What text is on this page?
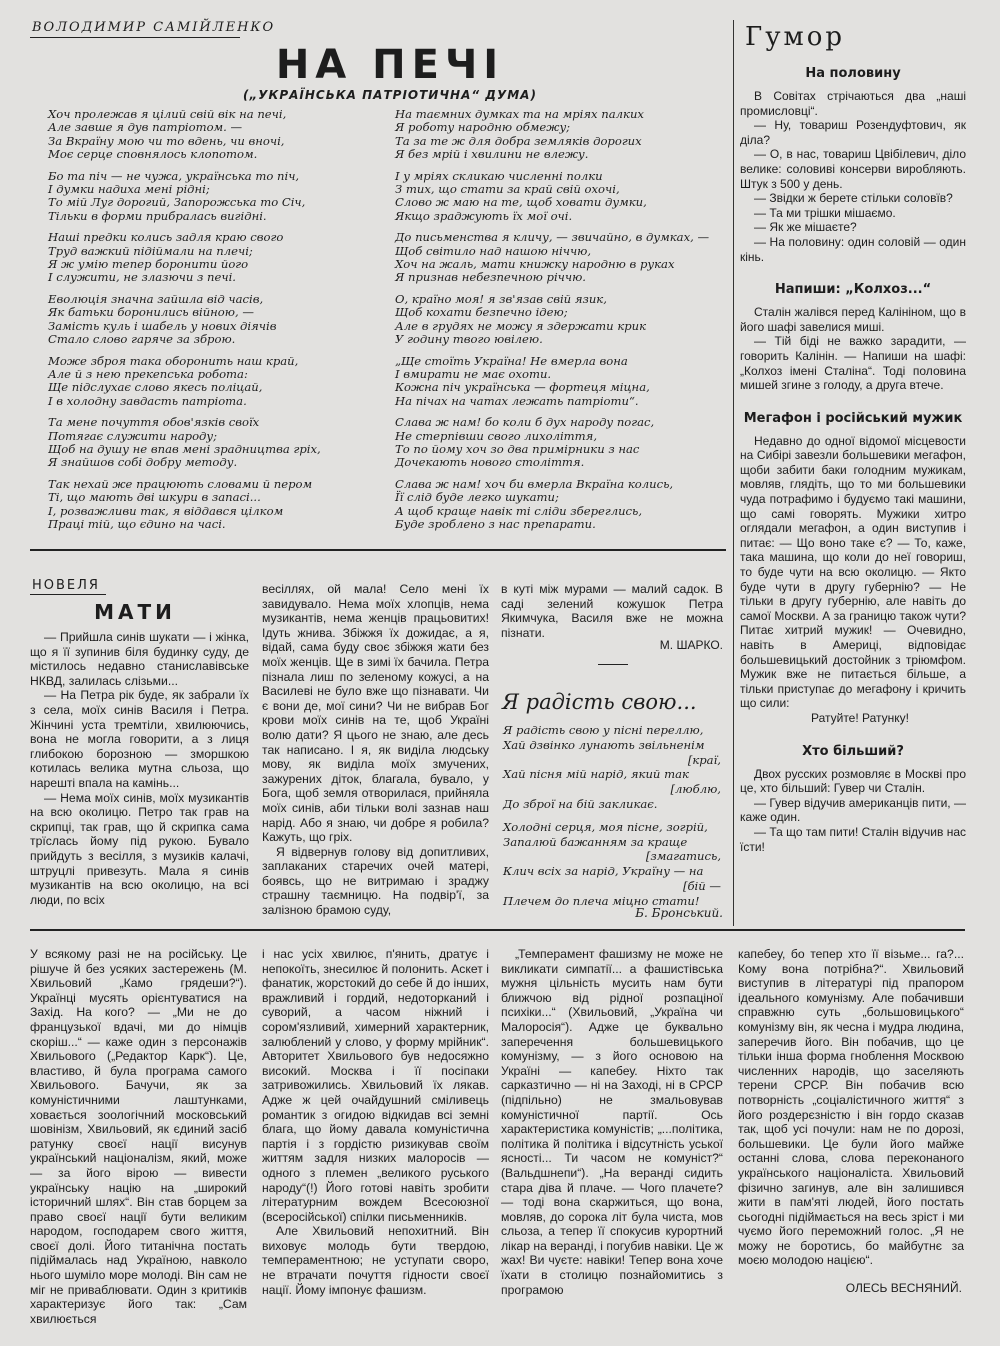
ВОЛОДИМИР САМІЙЛЕНКО
НА ПЕЧІ
(„УКРАЇНСЬКА ПАТРІОТИЧНА“ ДУМА)
Хоч пролежав я цілий свій вік на печі,
Але завше я дув патріотом. —
За Вкраїну мою чи то вдень, чи вночі,
Моє серце сповнялось клопотом.
Бо та піч — не чужа, українська то піч,
І думки надиха мені рідні;
То мій Луг дорогий, Запорожська то Січ,
Тільки в форми прибралась вигідні.
Наші предки колись задля краю свого
Труд важкий підіймали на плечі;
Я ж умію тепер боронити його
І служити, не злазючи з печі.
Еволюція значна зайшла від часів,
Як батьки боронились війною, —
Замість куль і шабель у нових діячів
Стало слово гаряче за зброю.
Може зброя така оборонить наш край,
Але й з нею прекепська робота:
Ще підслухає слово якесь поліцай,
І в холодну завдасть патріота.
Та мене почуття обов'язків своїх
Потягає служити народу;
Щоб на душу не впав мені зрадництва гріх,
Я знайшов собі добру методу.
Так нехай же працюють словами й пером
Ті, що мають дві шкури в запасі...
І, розважливи так, я віддався цілком
Праці тій, що єдино на часі.
На таємних думках та на мріях палких
Я роботу народню обмежу;
Та за те ж для добра земляків дорогих
Я без мрій і хвилини не влежу.
І у мріях скликаю численні полки
З тих, що стати за край свій охочі,
Слово ж маю на те, щоб ховати думки,
Якщо зраджують їх мої очі.
До письменства я кличу, — звичайно, в думках, —
Щоб світило над нашою ніччю,
Хоч на жаль, мати книжку народню в руках
Я признав небезпечною річчю.
О, країно моя! я зв'язав свій язик,
Щоб кохати безпечно ідею;
Але в грудях не можу я здержати крик
У годину твого ювілею.
„Ще стоїть Україна! Не вмерла вона
І вмирати не має охоти.
Кожна піч українська — фортеця міцна,
На пічах на чатах лежать патріоти“.
Слава ж нам! бо коли б дух народу погас,
Не стерпівши свого лихоліття,
То по йому хоч зо два примірники з нас
Дочекають нового століття.
Слава ж нам! хоч би вмерла Вкраїна колись,
Її слід буде легко шукати;
А щоб краще навік ті сліди збереглись,
Буде зроблено з нас препарати.
Гумор
На половину

В Совітах стрічаються два „наші промисловці“.

— Ну, товариш Розендуфтович, як діла?

— О, в нас, товариш Цвібілевич, діло велике: соловиві консерви виробляють. Штук з 500 у день.

— Звідки ж берете стільки соловїв?

— Та ми трішки мішаємо.

— Як же мішаєте?

— На половину: один соловій — один кінь.

Напиши: „Колхоз...“

Сталін жалівся перед Калініном, що в його шафі завелися миші.

— Тій біді не важко зарадити, — говорить Калінін. — Напиши на шафі: „Колхоз імені Сталіна“. Тоді половина мишей згине з голоду, а друга втече.

Мегафон і російський мужик

Недавно до одної відомої місцевости на Сибірі завезли большевики мегафон, щоби забити баки голодним мужикам, мовляв, глядіть, що то ми большевики чуда потрафимо і будуємо такі машини, що самі говорять. Мужики хитро оглядали мегафон, а один виступив і питає: — Що воно таке є? — То, каже, така машина, що коли до неї говориш, то буде чути на всю околицю. — Якто буде чути в другу губернію? — Не тільки в другу губернію, але навіть до самої Москви. А за границю також чути? Питає хитрий мужик! — Очевидно, навіть в Америці, відповідає большевицький достойник з тріюмфом. Мужик вже не питається більше, а тільки приступає до мегафону і кричить що сили:

Ратуйте! Ратунку!

Хто більший?

Двох русских розмовляє в Москві про це, хто більший: Гувер чи Сталін.

— Гувер відучив американців пити, — каже один.

— Та що там пити! Сталін відучив нас їсти!

НОВЕЛЯ
МАТИ

— Прийшла синів шукати — і жінка, що я її зупинив біля будинку суду, де містилось недавно станиславівське НКВД, залилась слізьми...

— На Петра рік буде, як забрали їх з села, моїх синів Василя і Петра. Жінчині уста тремтіли, хвилюючись, вона не могла говорити, а з лиця глибокою борозною — зморшкою котилась велика мутна сльоза, що нарешті впала на камінь...

— Нема моїх синів, моїх музикантів на всю околицю. Петро так грав на скрипці, так грав, що й скрипка сама трїслась йому під рукою. Бувало прийдуть з весілля, з музиків калачі, штруцлі привезуть. Мала я синів музикантів на всю околицю, на всі люди, по всіх

весіллях, ой мала! Село мені їх завидувало. Нема моїх хлопців, нема музикантів, нема женців працьовитих! Ідуть жнива. Збіжжя їх дожидає, а я, відай, сама буду своє збіжжя жати без моїх женців. Ще в зимі їх бачила. Петра пізнала лиш по зеленому кожусі, а на Василеві не було вже що пізнавати. Чи є вони де, мої сини? Чи не вибрав Бог крови моїх синів на те, щоб Україні волю дати? Я цього не знаю, але десь так написано. І я, як виділа людську мову, як виділа моїх змучених, зажурених діток, благала, бувало, у Бога, щоб земля отворилася, прийняла моїх синів, аби тільки волі зазнав наш нарід. Або я знаю, чи добре я робила? Кажуть, що гріх.

Я відвернув голову від допитливих, заплаканих старечих очей матері, боявсь, що не витримаю і зраджу страшну таємницю. На подвір'ї, за залізною брамою суду,

в куті між мурами — малий садок. В саді зелений кожушок Петра Якимчука, Василя вже не можна пізнати.

М. ШАРКО.
Я радість свою...
Я радість свою у пісні переллю,
Хай дзвінко лунають звільненім
[краї,
Хай пісня мій нарід, який так
[люблю,
До зброї на бій закликає.
Холодні серця, моя пісне, зогрій,
Запалюй бажанням за краще
[змагатись,
Клич всіх за нарід, Україну — на
[бій —
Плечем до плеча міцно стати!
Б. Бронський.

У всякому разі не на російську. Це рішуче й без усяких застережень (М. Хвильовий „Камо грядеши?“). Українці мусять орієнтуватися на Захід. На кого? — „Ми не до французької вдачі, ми до німців скоріш...“ — каже один з персонажів Хвильового („Редактор Карк“). Це, властиво, й була програма самого Хвильового. Бачучи, як за комуністичними лаштунками, ховається зоологічний московський шовінізм, Хвильовий, як єдиний засіб ратунку своєї нації висунув український націоналізм, який, може — за його вірою — вивести українську націю на „широкий історичний шлях“. Він став борцем за право своєї нації бути великим народом, господарем свого життя, своєї долі. Його титанічна постать підіймалась над Україною, навколо нього шуміло море молоді. Він сам не міг не приваблювати. Один з критиків характеризує його так: „Сам хвилюється

і нас усіх хвилює, п'янить, дратує і непокоїть, знесилює й полонить. Аскет і фанатик, жорстокий до себе й до інших, вражливий і гордий, недоторканий і суворий, а часом ніжний і сором'язливий, химерний характерник, залюблений у слово, у форму мрійник“. Авторитет Хвильового був недосяжно високий. Москва і її посіпаки затривожились. Хвильовий їх лякав. Адже ж цей очайдушний сміливець романтик з огидою відкидав всі земні блага, що йому давала комуністична партія і з гордістю ризикував своїм життям задля низких малоросів — одного з племен „великого руського народу“(!) Його готові навіть зробити літературним вождем Всесоюзної (всеросійської) спілки письменників.

Але Хвильовий непохитний. Він виховує молодь бути твердою, темпераментною; не уступати своро, не втрачати почуття гідности своєї нації. Йому імпонує фашизм.

„Темперамент фашизму не може не викликати симпатії... а фашистівська мужня цільність мусить нам бути ближчою від рідної розпаціної психіки...“ (Хвильовий, „Україна чи Малоросія“). Адже це буквально заперечення большевицького комунізму, — з його основою на Україні — капебеу. Ніхто так сарказтично — ні на Заході, ні в СРСР (підпільно) не змальовував комуністичної партії. Ось характеристика комуністів; „...політика, політика й політика і відсутність уської ясності... Ти часом не комуніст?“ (Вальдшнепи“). „На веранді сидить стара діва й плаче. — Чого плачете? — тоді вона скаржиться, що вона, мовляв, до сорока літ була чиста, мов сльоза, а тепер її спокусив курортний лікар на веранді, і погубив навіки. Це ж жах! Ви чуєте: навіки! Тепер вона хоче їхати в столицю познайомитись з програмою

капебеу, бо тепер хто її візьме... га?... Кому вона потрібна?“. Хвильовий виступив в літературі під прапором ідеального комунізму. Але побачивши справжню суть „большовицького“ комунізму він, як чесна і мудра людина, заперечив його. Він побачив, що це тільки інша форма гноблення Москвою численних народів, що заселяють терени СРСР. Він побачив всю потворність „соціалістичного життя“ з його роздерєзністю і він гордо сказав так, щоб усі почули: нам не по дорозі, большевики. Це були його майже останні слова, слова переконаного українського націоналіста. Хвильовий фізично загинув, але він залишився жити в пам'яті людей, його постать сьогодні підіймається на весь зріст і ми чуємо його переможний голос. „Я не можу не боротись, бо майбутнє за моєю молодою нацією“.

ОЛЕСЬ ВЕСНЯНИЙ.
